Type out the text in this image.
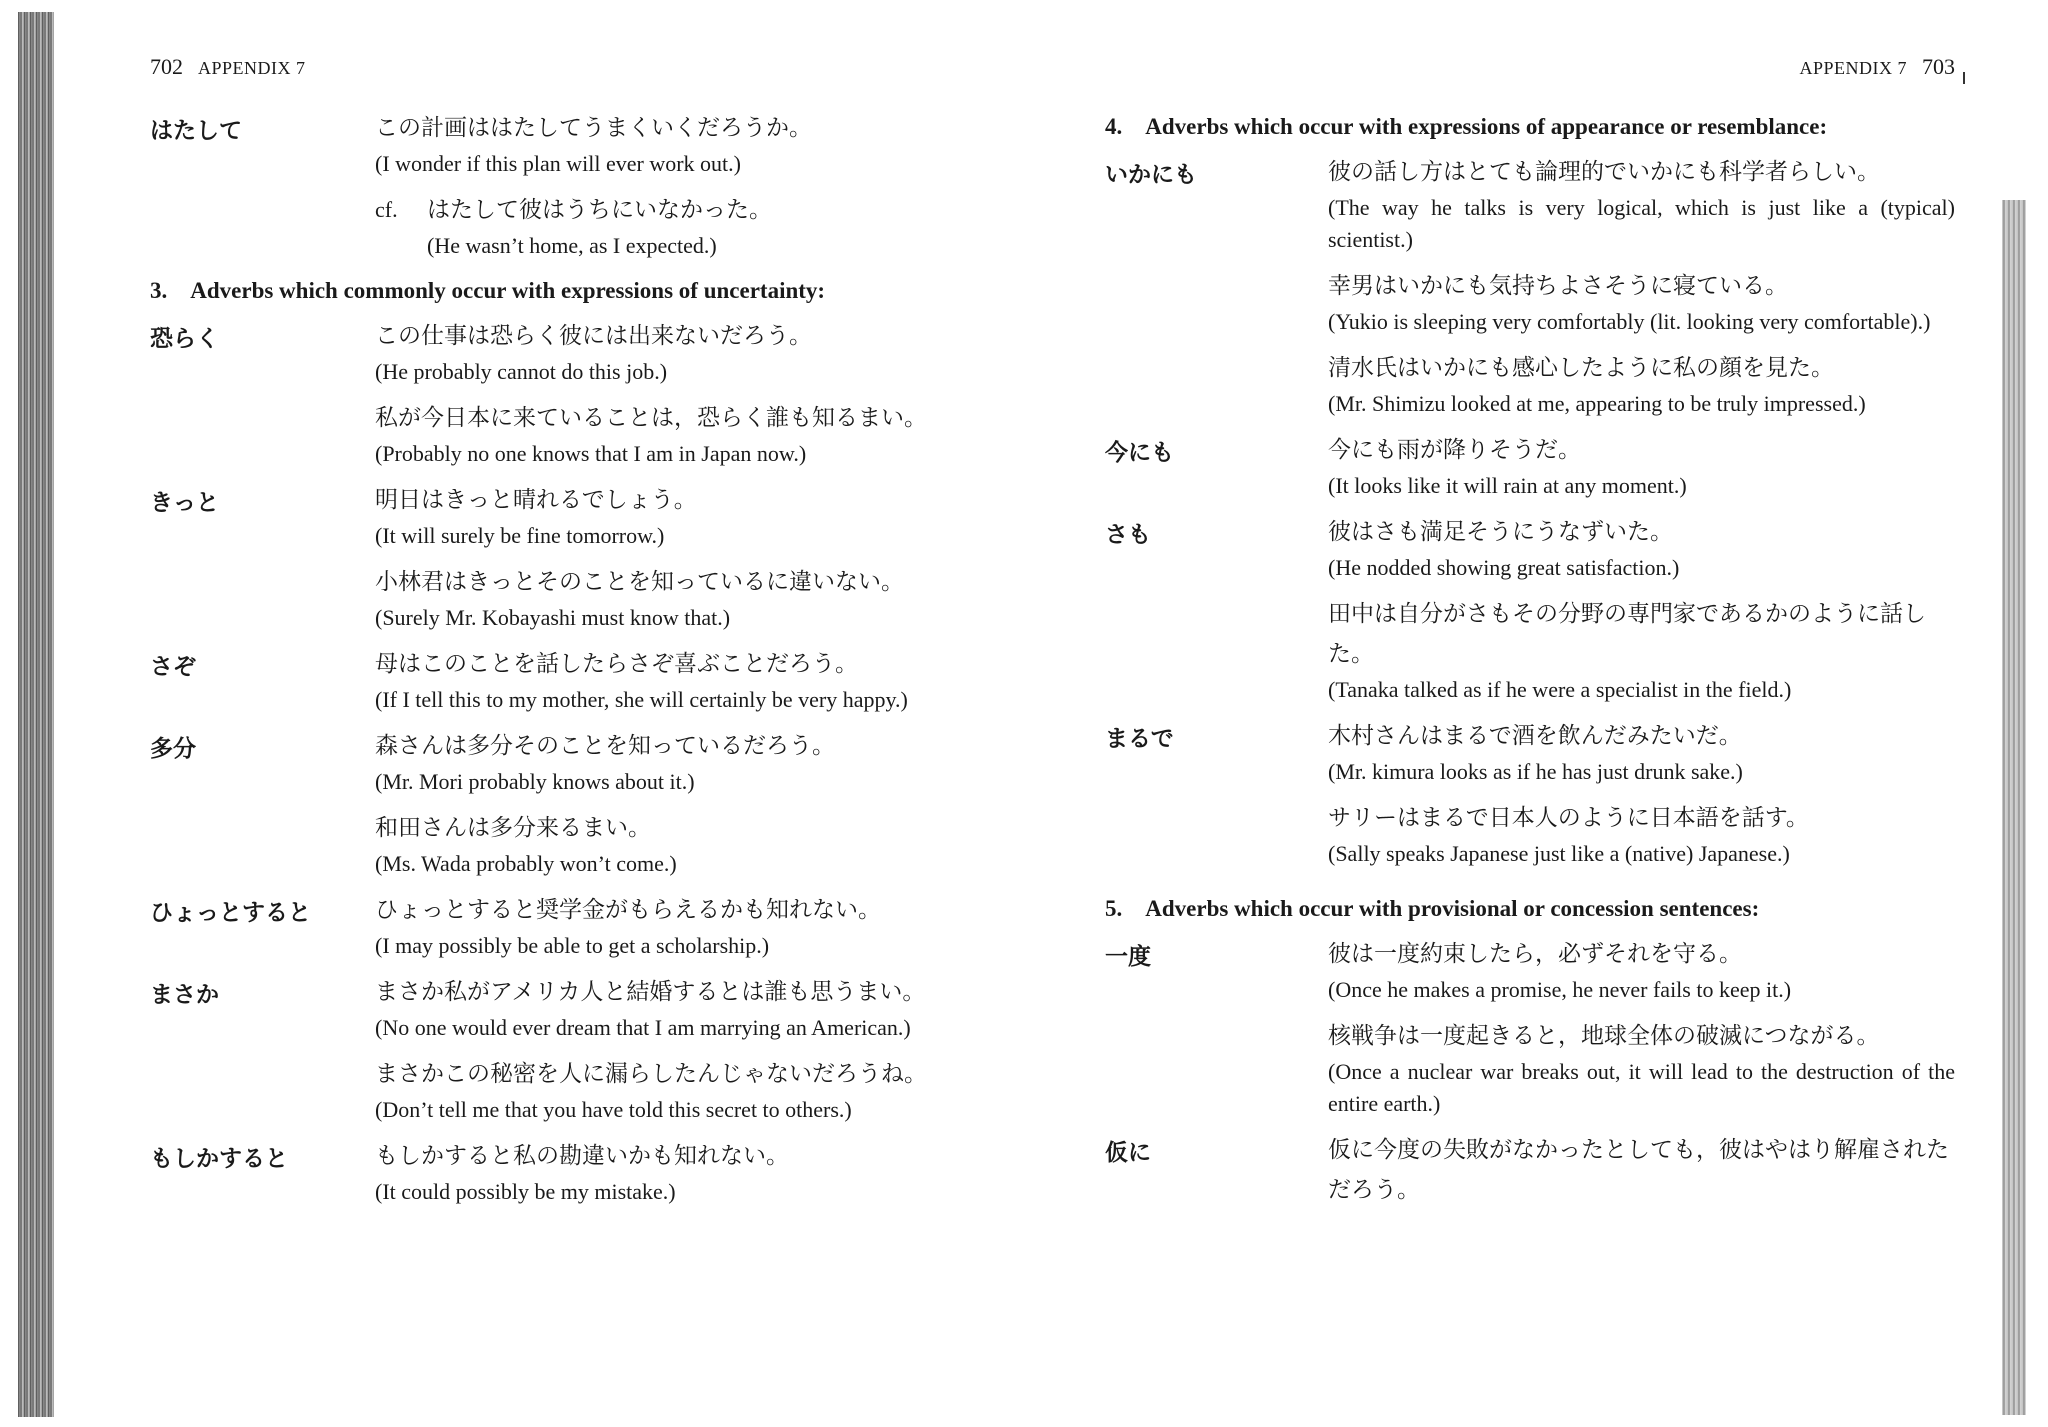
702 APPENDIX 7
はたして	この計画ははたしてうまくいくだろうか。
(I wonder if this plan will ever work out.)
cf.	はたして彼はうちにいなかった。
(He wasn’t home, as I expected.)
3. Adverbs which commonly occur with expressions of uncertainty:
恐らく	この仕事は恐らく彼には出来ないだろう。
(He probably cannot do this job.)
私が今日本に来ていることは，恐らく誰も知るまい。
(Probably no one knows that I am in Japan now.)
きっと	明日はきっと晴れるでしょう。
(It will surely be fine tomorrow.)
小林君はきっとそのことを知っているに違いない。
(Surely Mr. Kobayashi must know that.)
さぞ	母はこのことを話したらさぞ喜ぶことだろう。
(If I tell this to my mother, she will certainly be very happy.)
多分	森さんは多分そのことを知っているだろう。
(Mr. Mori probably knows about it.)
和田さんは多分来るまい。
(Ms. Wada probably won’t come.)
ひょっとすると	ひょっとすると奨学金がもらえるかも知れない。
(I may possibly be able to get a scholarship.)
まさか	まさか私がアメリカ人と結婚するとは誰も思うまい。
(No one would ever dream that I am marrying an American.)
まさかこの秘密を人に漏らしたんじゃないだろうね。
(Don’t tell me that you have told this secret to others.)
もしかすると	もしかすると私の勘違いかも知れない。
(It could possibly be my mistake.)
APPENDIX 7 703
4. Adverbs which occur with expressions of appearance or resemblance:
いかにも	彼の話し方はとても論理的でいかにも科学者らしい。
(The way he talks is very logical, which is just like a (typical) scientist.)
幸男はいかにも気持ちよさそうに寝ている。
(Yukio is sleeping very comfortably (lit. looking very comfortable).)
清水氏はいかにも感心したように私の顔を見た。
(Mr. Shimizu looked at me, appearing to be truly impressed.)
今にも	今にも雨が降りそうだ。
(It looks like it will rain at any moment.)
さも	彼はさも満足そうにうなずいた。
(He nodded showing great satisfaction.)
田中は自分がさもその分野の専門家であるかのように話した。
(Tanaka talked as if he were a specialist in the field.)
まるで	木村さんはまるで酒を飲んだみたいだ。
(Mr. kimura looks as if he has just drunk sake.)
サリーはまるで日本人のように日本語を話す。
(Sally speaks Japanese just like a (native) Japanese.)
5. Adverbs which occur with provisional or concession sentences:
一度	彼は一度約束したら，必ずそれを守る。
(Once he makes a promise, he never fails to keep it.)
核戦争は一度起きると，地球全体の破滅につながる。
(Once a nuclear war breaks out, it will lead to the destruction of the entire earth.)
仮に	仮に今度の失敗がなかったとしても，彼はやはり解雇されただろう。
